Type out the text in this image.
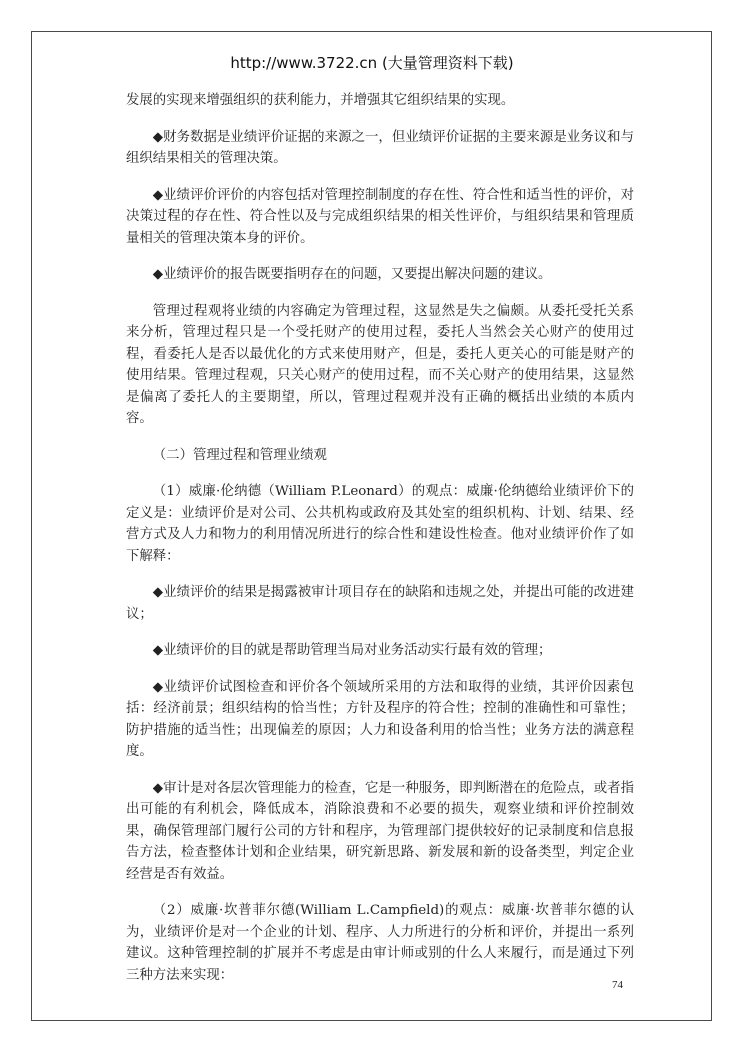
http://www.3722.cn (大量管理资料下载)

发展的实现来增强组织的获利能力，并增强其它组织结果的实现。

◆财务数据是业绩评价证据的来源之一，但业绩评价证据的主要来源是业务议和与组织结果相关的管理决策。

◆业绩评价评价的内容包括对管理控制制度的存在性、符合性和适当性的评价，对决策过程的存在性、符合性以及与完成组织结果的相关性评价，与组织结果和管理质量相关的管理决策本身的评价。

◆业绩评价的报告既要指明存在的问题，又要提出解决问题的建议。

管理过程观将业绩的内容确定为管理过程，这显然是失之偏颇。从委托受托关系来分析，管理过程只是一个受托财产的使用过程，委托人当然会关心财产的使用过程，看委托人是否以最优化的方式来使用财产，但是，委托人更关心的可能是财产的使用结果。管理过程观，只关心财产的使用过程，而不关心财产的使用结果，这显然是偏离了委托人的主要期望，所以，管理过程观并没有正确的概括出业绩的本质内容。

（二）管理过程和管理业绩观

（1）威廉·伦纳德（William P.Leonard）的观点：威廉·伦纳德给业绩评价下的定义是：业绩评价是对公司、公共机构或政府及其处室的组织机构、计划、结果、经营方式及人力和物力的利用情况所进行的综合性和建设性检查。他对业绩评价作了如下解释：

◆业绩评价的结果是揭露被审计项目存在的缺陷和违规之处，并提出可能的改进建议；

◆业绩评价的目的就是帮助管理当局对业务活动实行最有效的管理；

◆业绩评价试图检查和评价各个领域所采用的方法和取得的业绩，其评价因素包括：经济前景；组织结构的恰当性；方针及程序的符合性；控制的准确性和可靠性；防护措施的适当性；出现偏差的原因；人力和设备利用的恰当性；业务方法的满意程度。

◆审计是对各层次管理能力的检查，它是一种服务，即判断潜在的危险点，或者指出可能的有利机会，降低成本，消除浪费和不必要的损失，观察业绩和评价控制效果，确保管理部门履行公司的方针和程序，为管理部门提供较好的记录制度和信息报告方法，检查整体计划和企业结果，研究新思路、新发展和新的设备类型，判定企业经营是否有效益。

（2）威廉·坎普菲尔德(William L.Campfield)的观点：威廉·坎普菲尔德的认为，业绩评价是对一个企业的计划、程序、人力所进行的分析和评价，并提出一系列建议。这种管理控制的扩展并不考虑是由审计师或别的什么人来履行，而是通过下列三种方法来实现：

74
